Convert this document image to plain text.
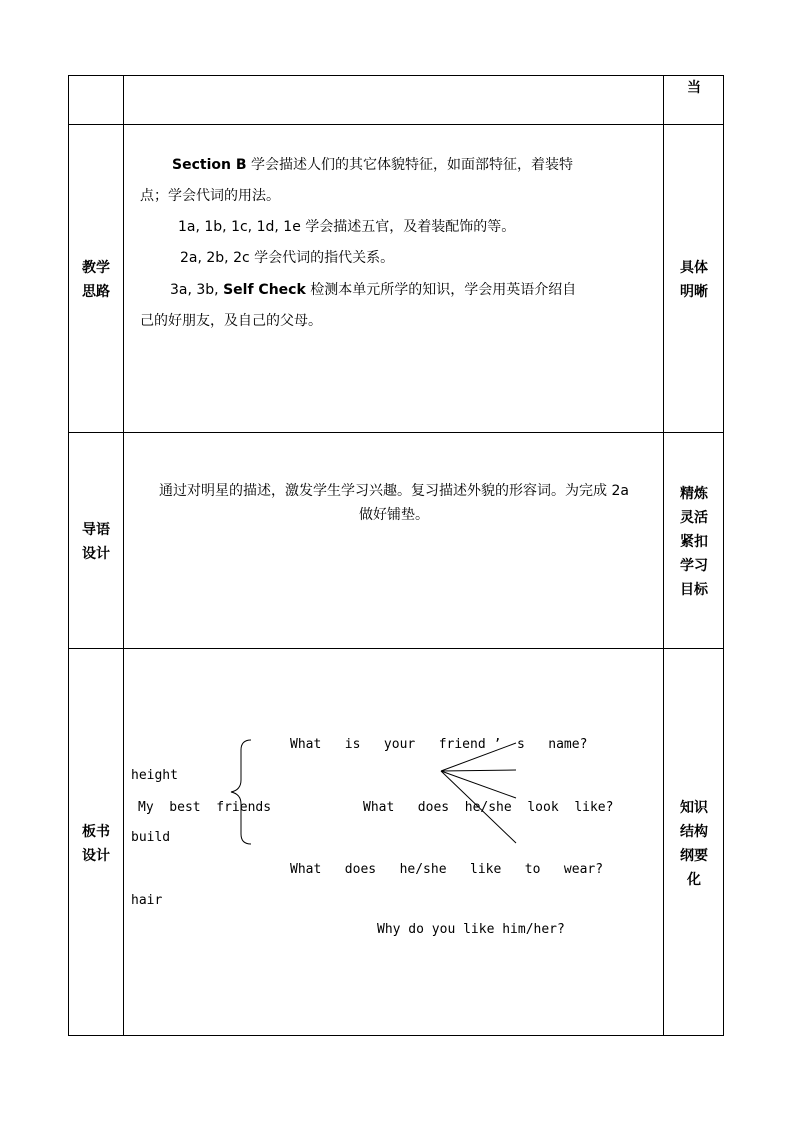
当
教学
思路
Section B 学会描述人们的其它体貌特征，如面部特征，着装特
点；学会代词的用法。
1a, 1b, 1c, 1d, 1e 学会描述五官，及着装配饰的等。
2a, 2b, 2c 学会代词的指代关系。
3a, 3b, Self Check 检测本单元所学的知识，学会用英语介绍自
己的好朋友，及自己的父母。
具体
明晰
导语
设计
通过对明星的描述，激发学生学习兴趣。复习描述外貌的形容词。为完成 2a
做好铺垫。
精炼
灵活
紧扣
学习
目标
板书
设计
What   is   your   friend ’  s   name?
height
My  best  friends	What   does  he/she  look  like?
build
What   does   he/she   like   to   wear?
hair
Why do you like him/her?
知识
结构
纲要
化
